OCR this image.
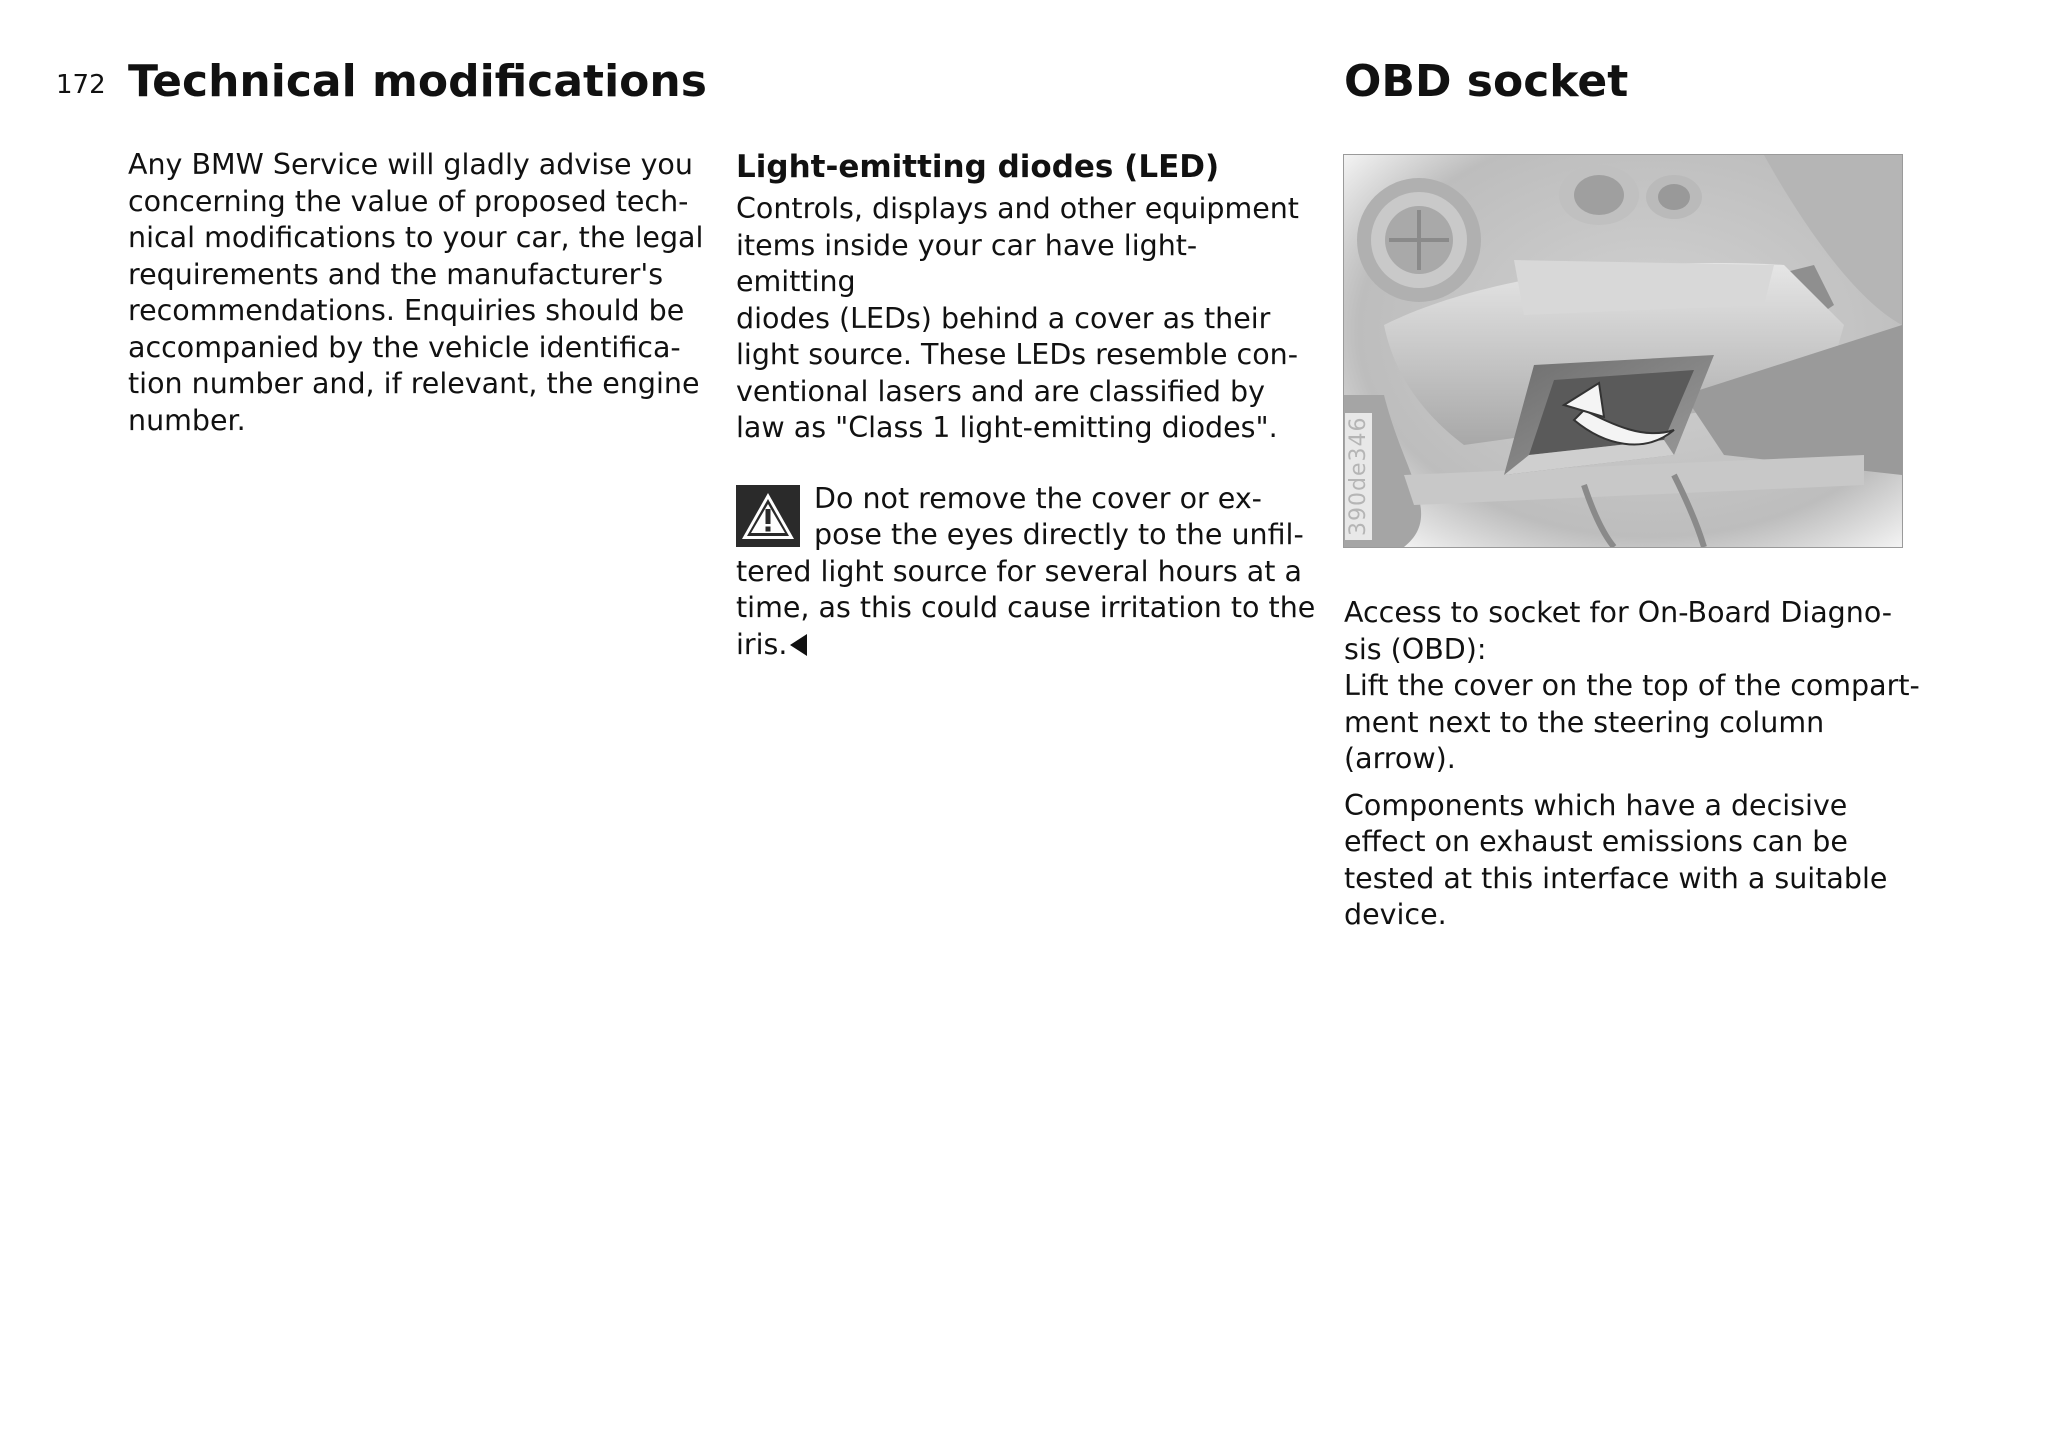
172 Technical modifications	OBD socket

Any BMW Service will gladly advise you
concerning the value of proposed tech-
nical modifications to your car, the legal
requirements and the manufacturer's
recommendations. Enquiries should be
accompanied by the vehicle identifica-
tion number and, if relevant, the engine
number.

Light-emitting diodes (LED)

Controls, displays and other equipment
items inside your car have light-emitting
diodes (LEDs) behind a cover as their
light source. These LEDs resemble con-
ventional lasers and are classified by
law as "Class 1 light-emitting diodes".

Do not remove the cover or ex-
pose the eyes directly to the unfil-
tered light source for several hours at a
time, as this could cause irritation to the
iris.
390de346

Access to socket for On-Board Diagno-
sis (OBD):
Lift the cover on the top of the compart-
ment next to the steering column
(arrow).

Components which have a decisive
effect on exhaust emissions can be
tested at this interface with a suitable
device.
